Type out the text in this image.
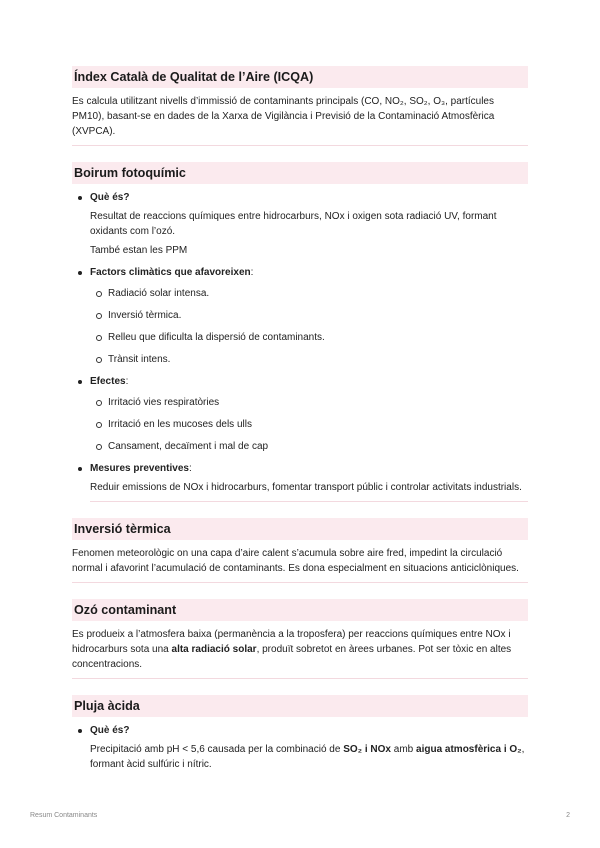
Índex Català de Qualitat de l’Aire (ICQA)

Es calcula utilitzant nivells d’immissió de contaminants principals (CO, NO₂, SO₂, O₃, partícules PM10), basant-se en dades de la Xarxa de Vigilància i Previsió de la Contaminació Atmosfèrica (XVPCA).

Boirum fotoquímic
Què és?
Resultat de reaccions químiques entre hidrocarburs, NOx i oxigen sota radiació UV, formant oxidants com l’ozó.
També estan les PPM
Factors climàtics que afavoreixen:
Radiació solar intensa.
Inversió tèrmica.
Relleu que dificulta la dispersió de contaminants.
Trànsit intens.
Efectes:
Irritació vies respiratòries
Irritació en les mucoses dels ulls
Cansament, decaïment i mal de cap
Mesures preventives:
Reduir emissions de NOx i hidrocarburs, fomentar transport públic i controlar activitats industrials.
Inversió tèrmica

Fenomen meteorològic on una capa d’aire calent s’acumula sobre aire fred, impedint la circulació normal i afavorint l’acumulació de contaminants. Es dona especialment en situacions anticiclòniques.

Ozó contaminant

Es produeix a l’atmosfera baixa (permanència a la troposfera) per reaccions químiques entre NOx i hidrocarburs sota una alta radiació solar, produït sobretot en àrees urbanes. Pot ser tòxic en altes concentracions.

Pluja àcida
Què és?
Precipitació amb pH < 5,6 causada per la combinació de SO₂ i NOx amb aigua atmosfèrica i O₂, formant àcid sulfúric i nítric.
Resum Contaminants	2
